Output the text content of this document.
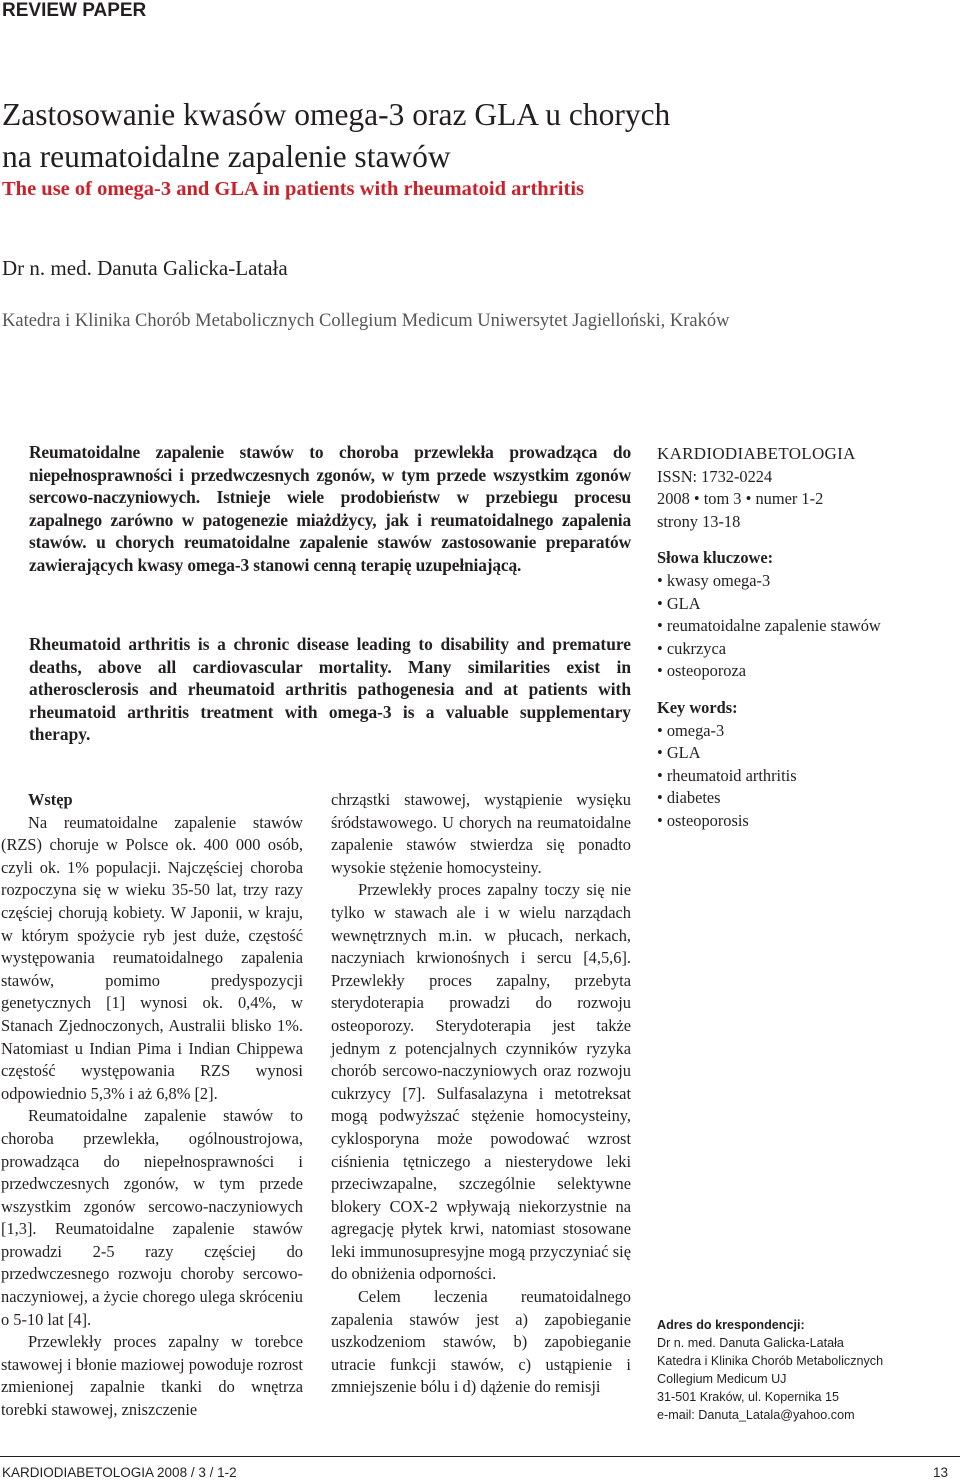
REVIEW PAPER
Zastosowanie kwasów omega-3 oraz GLA u chorych
na reumatoidalne zapalenie stawów
The use of omega-3 and GLA in patients with rheumatoid arthritis
Dr n. med. Danuta Galicka-Latała
Katedra i Klinika Chorób Metabolicznych Collegium Medicum Uniwersytet Jagielloński, Kraków
Reumatoidalne zapalenie stawów to choroba przewlekła prowadząca do niepełnosprawności i przedwczesnych zgonów, w tym przede wszystkim zgonów sercowo-naczyniowych. Istnieje wiele prodobieństw w przebiegu procesu zapalnego zarówno w patogenezie miażdżycy, jak i reumatoidalnego zapalenia stawów. u chorych reumatoidalne zapalenie stawów zastosowanie preparatów zawierających kwasy omega-3 stanowi cenną terapię uzupełniającą.
Rheumatoid arthritis is a chronic disease leading to disability and premature deaths, above all cardiovascular mortality. Many similarities exist in atherosclerosis and rheumatoid arthritis pathogenesia and at patients with rheumatoid arthritis treatment with omega-3 is a valuable supplementary therapy.
Wstęp

Na reumatoidalne zapalenie stawów (RZS) choruje w Polsce ok. 400 000 osób, czyli ok. 1% populacji. Najczęściej choroba rozpoczyna się w wieku 35-50 lat, trzy razy częściej chorują kobiety. W Japonii, w kraju, w którym spożycie ryb jest duże, częstość występowania reumatoidalnego zapalenia stawów, pomimo predyspozycji genetycznych [1] wynosi ok. 0,4%, w Stanach Zjednoczonych, Australii blisko 1%. Natomiast u Indian Pima i Indian Chippewa częstość występowania RZS wynosi odpowiednio 5,3% i aż 6,8% [2].

Reumatoidalne zapalenie stawów to choroba przewlekła, ogólnoustrojowa, prowadząca do niepełnosprawności i przedwczesnych zgonów, w tym przede wszystkim zgonów sercowo-naczyniowych [1,3]. Reumatoidalne zapalenie stawów prowadzi 2-5 razy częściej do przedwczesnego rozwoju choroby sercowo-naczyniowej, a życie chorego ulega skróceniu o 5-10 lat [4].

Przewlekły proces zapalny w torebce stawowej i błonie maziowej powoduje rozrost zmienionej zapalnie tkanki do wnętrza torebki stawowej, zniszczenie

chrząstki stawowej, wystąpienie wysięku śródstawowego. U chorych na reumatoidalne zapalenie stawów stwierdza się ponadto wysokie stężenie homocysteiny.

Przewlekły proces zapalny toczy się nie tylko w stawach ale i w wielu narządach wewnętrznych m.in. w płucach, nerkach, naczyniach krwionośnych i sercu [4,5,6]. Przewlekły proces zapalny, przebyta sterydoterapia prowadzi do rozwoju osteoporozy. Sterydoterapia jest także jednym z potencjalnych czynników ryzyka chorób sercowo-naczyniowych oraz rozwoju cukrzycy [7]. Sulfasalazyna i metotreksat mogą podwyższać stężenie homocysteiny, cyklosporyna może powodować wzrost ciśnienia tętniczego a niesterydowe leki przeciwzapalne, szczególnie selektywne blokery COX-2 wpływają niekorzystnie na agregację płytek krwi, natomiast stosowane leki immunosupresyjne mogą przyczyniać się do obniżenia odporności.

Celem leczenia reumatoidalnego zapalenia stawów jest a) zapobieganie uszkodzeniom stawów, b) zapobieganie utracie funkcji stawów, c) ustąpienie i zmniejszenie bólu i d) dążenie do remisji

KARDIODIABETOLOGIA
ISSN: 1732-0224
2008 • tom 3 • numer 1-2
strony 13-18
Słowa kluczowe:
• kwasy omega-3
• GLA
• reumatoidalne zapalenie stawów
• cukrzyca
• osteoporoza
Key words:
• omega-3
• GLA
• rheumatoid arthritis
• diabetes
• osteoporosis
Adres do krespondencji:
Dr n. med. Danuta Galicka-Latała
Katedra i Klinika Chorób Metabolicznych
Collegium Medicum UJ
31-501 Kraków, ul. Kopernika 15
e-mail: Danuta_Latala@yahoo.com
KARDIODIABETOLOGIA 2008 / 3 / 1-2	13
